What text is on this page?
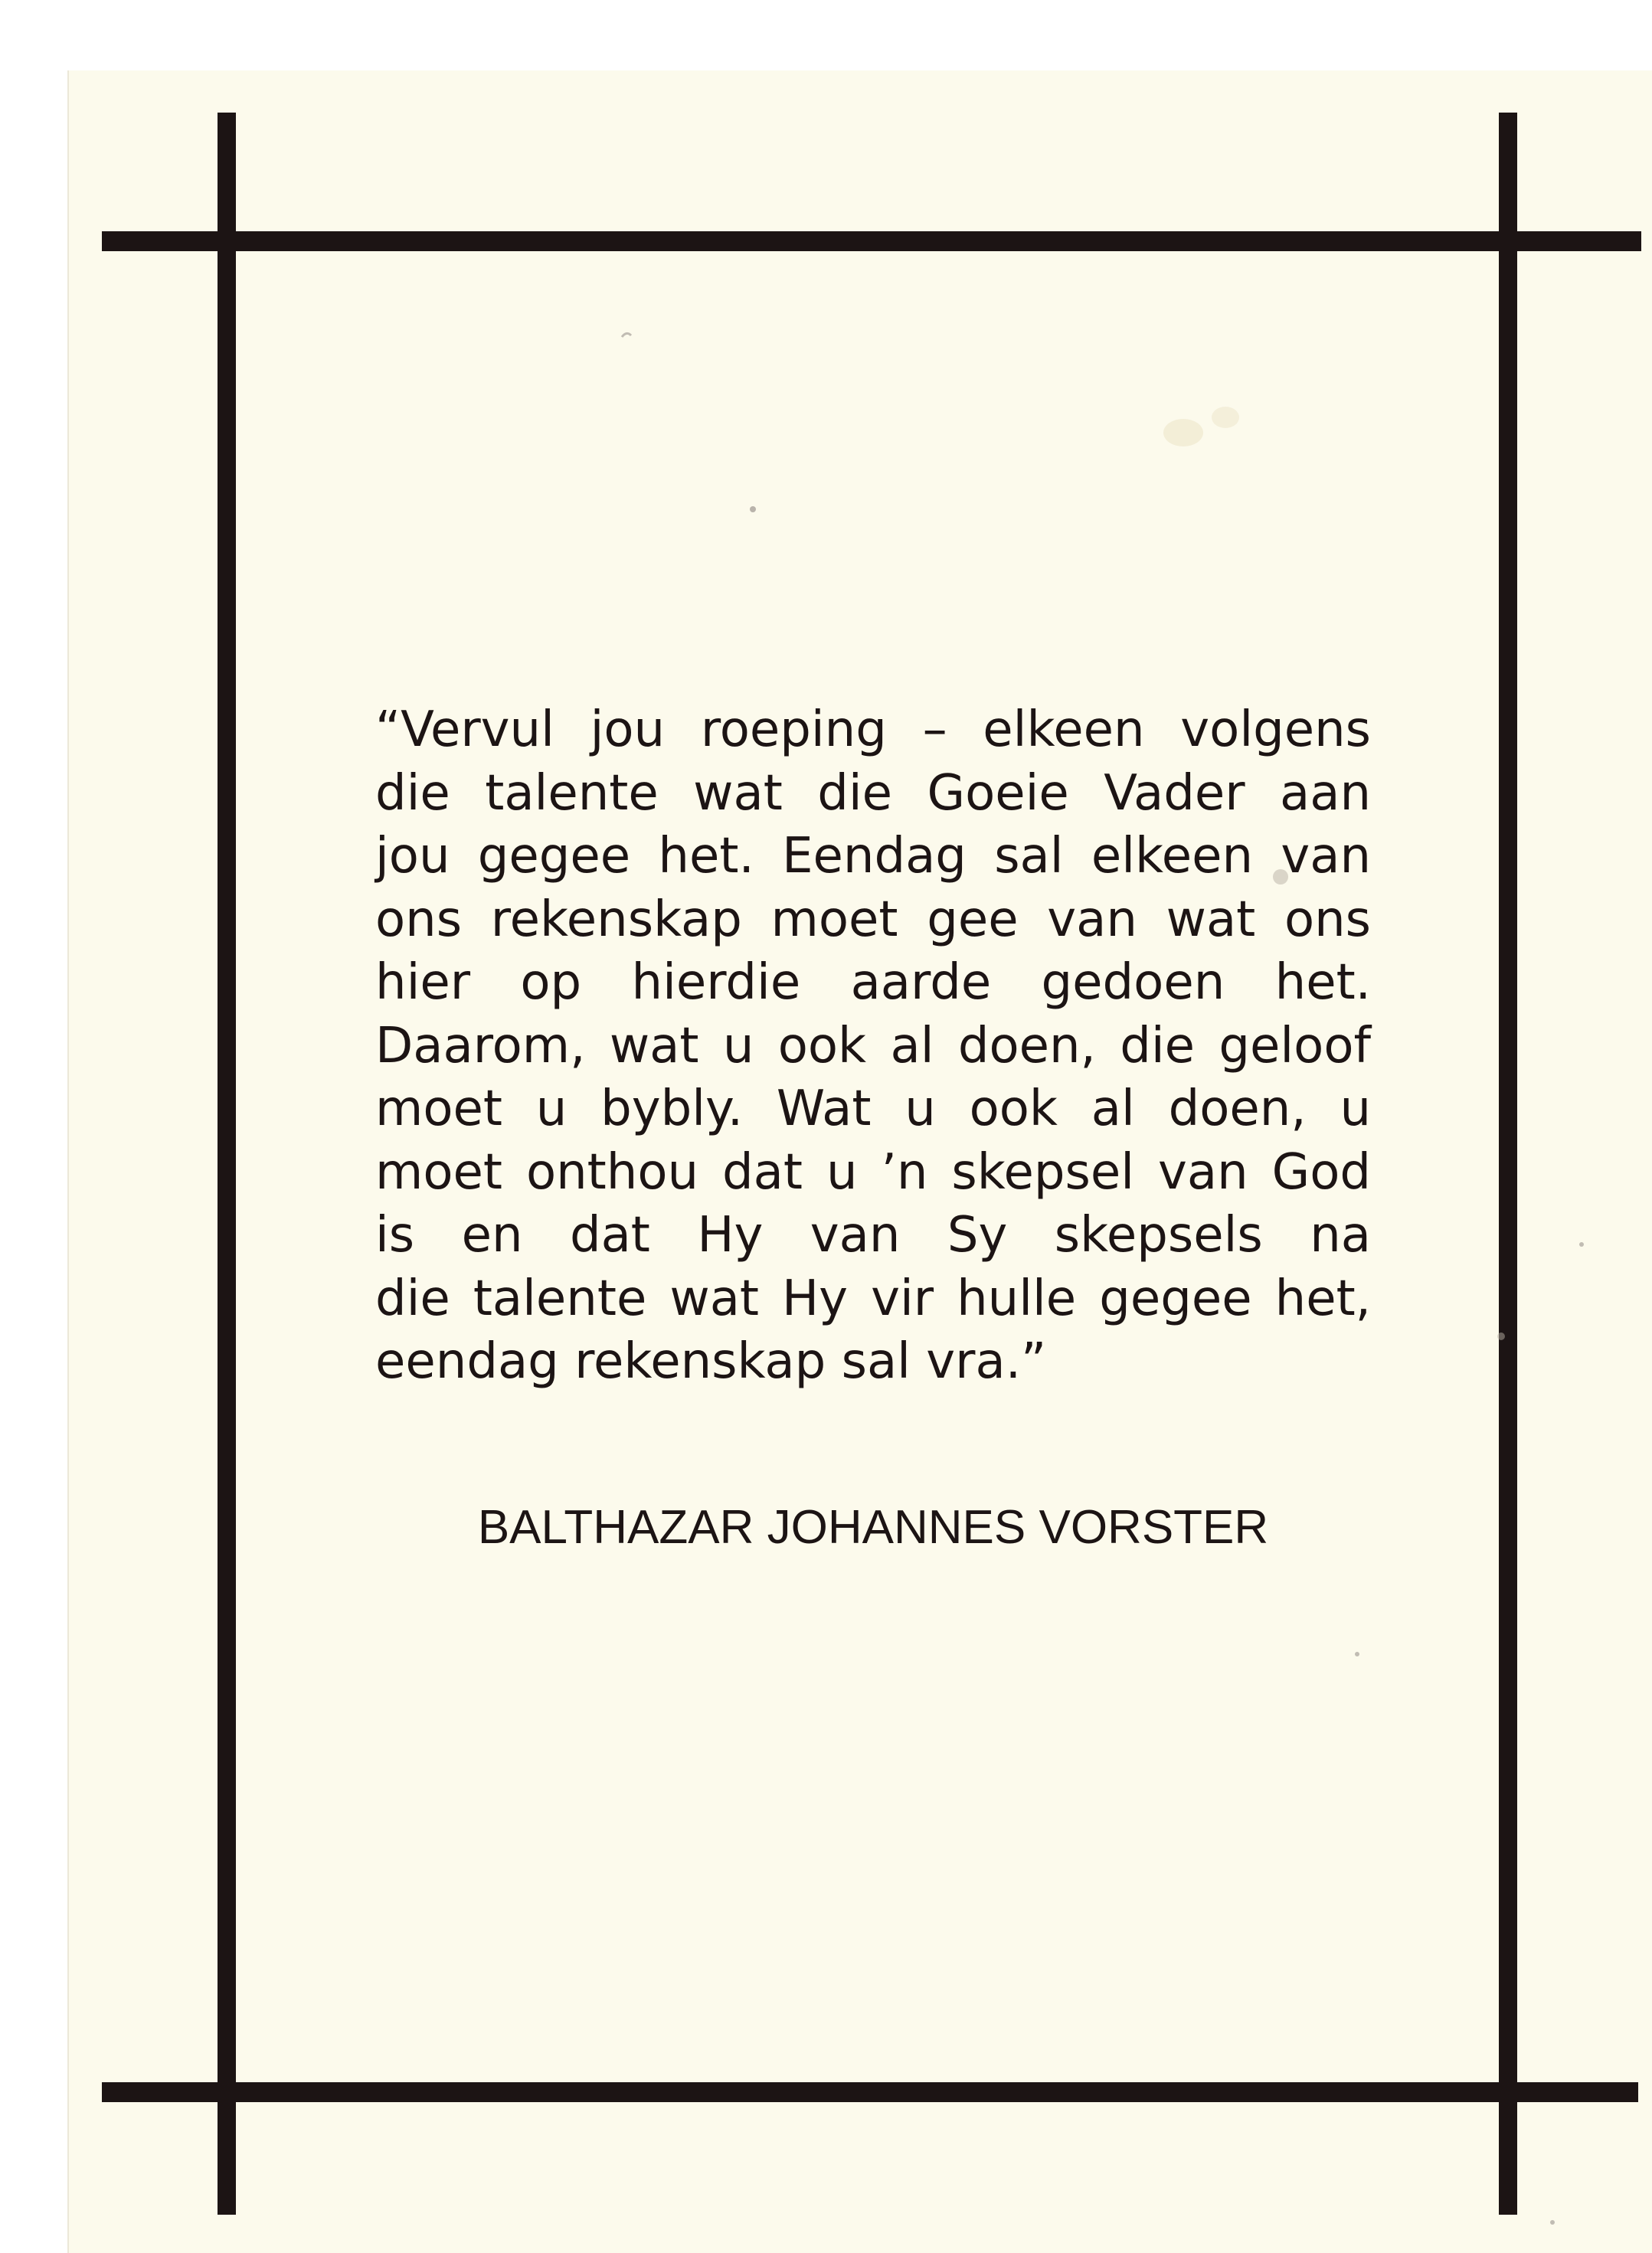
“Vervul jou roeping – elkeen volgens
die talente wat die Goeie Vader aan
jou gegee het. Eendag sal elkeen van
ons rekenskap moet gee van wat ons
hier op hierdie aarde gedoen het.
Daarom, wat u ook al doen, die geloof
moet u bybly. Wat u ook al doen, u
moet onthou dat u ’n skepsel van God
is en dat Hy van Sy skepsels na
die talente wat Hy vir hulle gegee het,
eendag rekenskap sal vra.”
BALTHAZAR JOHANNES VORSTER
